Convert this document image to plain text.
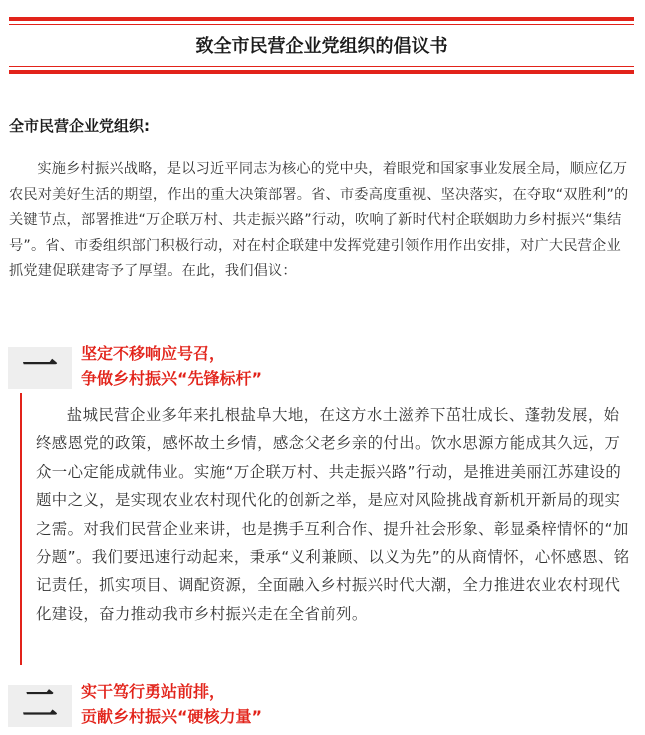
致全市民营企业党组织的倡议书
全市民营企业党组织:

实施乡村振兴战略，是以习近平同志为核心的党中央，着眼党和国家事业发展全局，顺应亿万农民对美好生活的期望，作出的重大决策部署。省、市委高度重视、坚决落实，在夺取“双胜利”的关键节点，部署推进“万企联万村、共走振兴路”行动，吹响了新时代村企联姻助力乡村振兴“集结号”。省、市委组织部门积极行动，对在村企联建中发挥党建引领作用作出安排，对广大民营企业抓党建促联建寄予了厚望。在此，我们倡议：

一	坚定不移响应号召，
争做乡村振兴“先锋标杆”

盐城民营企业多年来扎根盐阜大地，在这方水土滋养下茁壮成长、蓬勃发展，始终感恩党的政策，感怀故土乡情，感念父老乡亲的付出。饮水思源方能成其久远，万众一心定能成就伟业。实施“万企联万村、共走振兴路”行动，是推进美丽江苏建设的题中之义，是实现农业农村现代化的创新之举，是应对风险挑战育新机开新局的现实之需。对我们民营企业来讲，也是携手互利合作、提升社会形象、彰显桑梓情怀的“加分题”。我们要迅速行动起来，秉承“义利兼顾、以义为先”的从商情怀，心怀感恩、铭记责任，抓实项目、调配资源，全面融入乡村振兴时代大潮，全力推进农业农村现代化建设，奋力推动我市乡村振兴走在全省前列。

二	实干笃行勇站前排，
贡献乡村振兴“硬核力量”
